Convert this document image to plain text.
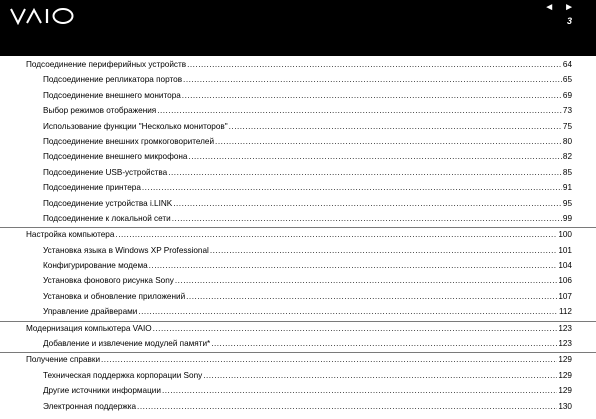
◄ ►
3
Подсоединение периферийных устройств .....	64
Подсоединение репликатора портов .....	65
Подсоединение внешнего монитора .....	69
Выбор режимов отображения .....	73
Использование функции "Несколько мониторов" .....	75
Подсоединение внешних громкоговорителей .....	80
Подсоединение внешнего микрофона .....	82
Подсоединение USB-устройства .....	85
Подсоединение принтера .....	91
Подсоединение устройства i.LINK .....	95
Подсоединение к локальной сети .....	99
Настройка компьютера .....	100
Установка языка в Windows XP Professional .....	101
Конфигурирование модема .....	104
Установка фонового рисунка Sony .....	106
Установка и обновление приложений .....	107
Управление драйверами .....	112
Модернизация компьютера VAIO .....	123
Добавление и извлечение модулей памяти* .....	123
Получение справки .....	129
Техническая поддержка корпорации Sony .....	129
Другие источники информации .....	129
Электронная поддержка .....	130
